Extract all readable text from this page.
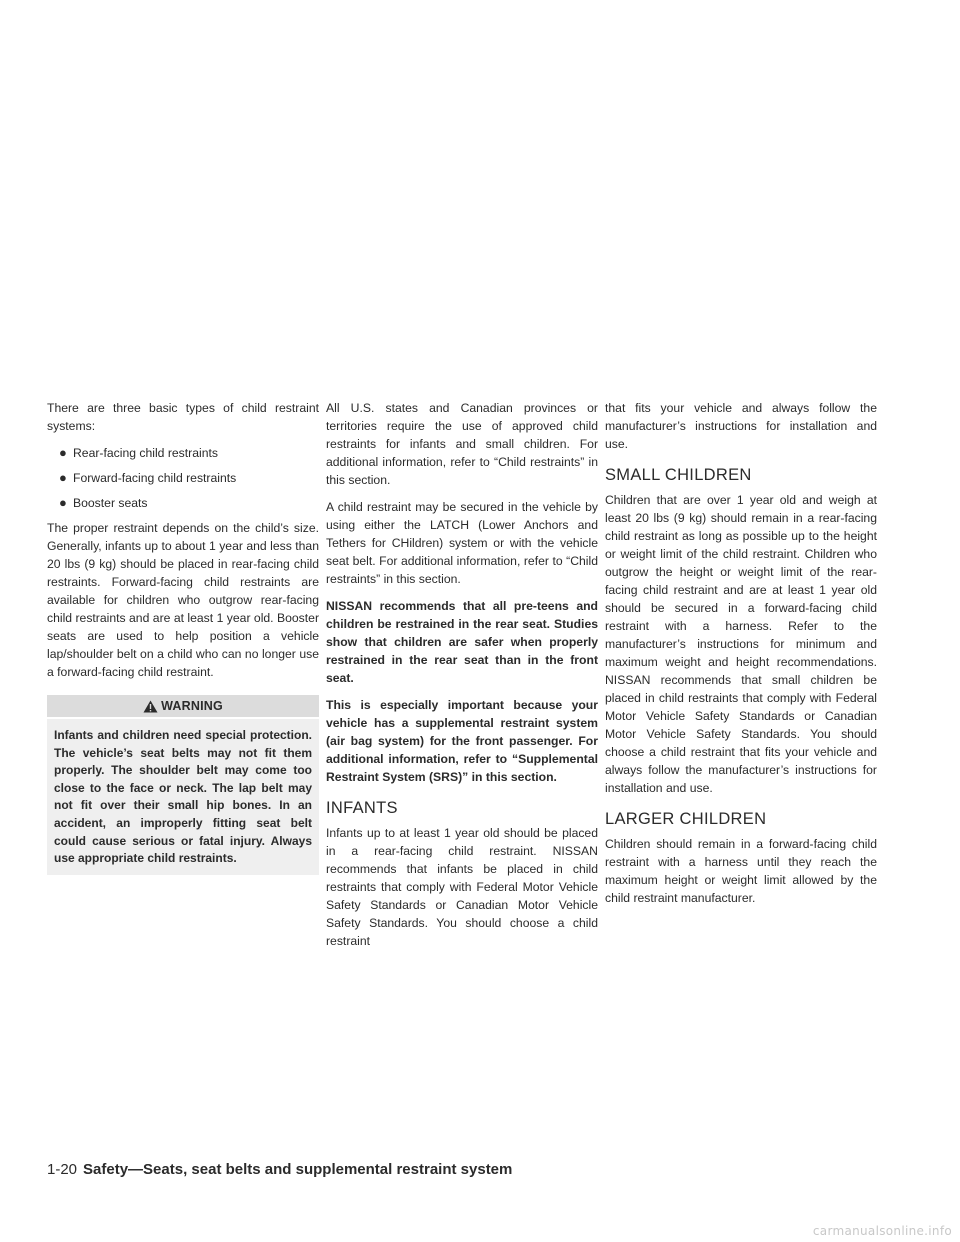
There are three basic types of child restraint systems:

● Rear-facing child restraints
● Forward-facing child restraints
● Booster seats

The proper restraint depends on the child’s size. Generally, infants up to about 1 year and less than 20 lbs (9 kg) should be placed in rear-facing child restraints. Forward-facing child restraints are available for children who outgrow rear-facing child restraints and are at least 1 year old. Booster seats are used to help position a vehicle lap/shoulder belt on a child who can no longer use a forward-facing child restraint.

WARNING
Infants and children need special protection. The vehicle’s seat belts may not fit them properly. The shoulder belt may come too close to the face or neck. The lap belt may not fit over their small hip bones. In an accident, an improperly fitting seat belt could cause serious or fatal injury. Always use appropriate child restraints.

All U.S. states and Canadian provinces or territories require the use of approved child restraints for infants and small children. For additional information, refer to “Child restraints” in this section.

A child restraint may be secured in the vehicle by using either the LATCH (Lower Anchors and Tethers for CHildren) system or with the vehicle seat belt. For additional information, refer to “Child restraints” in this section.

NISSAN recommends that all pre-teens and children be restrained in the rear seat. Studies show that children are safer when properly restrained in the rear seat than in the front seat.

This is especially important because your vehicle has a supplemental restraint system (air bag system) for the front passenger. For additional information, refer to “Supplemental Restraint System (SRS)” in this section.

INFANTS

Infants up to at least 1 year old should be placed in a rear-facing child restraint. NISSAN recommends that infants be placed in child restraints that comply with Federal Motor Vehicle Safety Standards or Canadian Motor Vehicle Safety Standards. You should choose a child restraint

that fits your vehicle and always follow the manufacturer’s instructions for installation and use.

SMALL CHILDREN

Children that are over 1 year old and weigh at least 20 lbs (9 kg) should remain in a rear-facing child restraint as long as possible up to the height or weight limit of the child restraint. Children who outgrow the height or weight limit of the rear-facing child restraint and are at least 1 year old should be secured in a forward-facing child restraint with a harness. Refer to the manufacturer’s instructions for minimum and maximum weight and height recommendations. NISSAN recommends that small children be placed in child restraints that comply with Federal Motor Vehicle Safety Standards or Canadian Motor Vehicle Safety Standards. You should choose a child restraint that fits your vehicle and always follow the manufacturer’s instructions for installation and use.

LARGER CHILDREN

Children should remain in a forward-facing child restraint with a harness until they reach the maximum height or weight limit allowed by the child restraint manufacturer.

1-20 Safety—Seats, seat belts and supplemental restraint system
carmanualsonline.info
